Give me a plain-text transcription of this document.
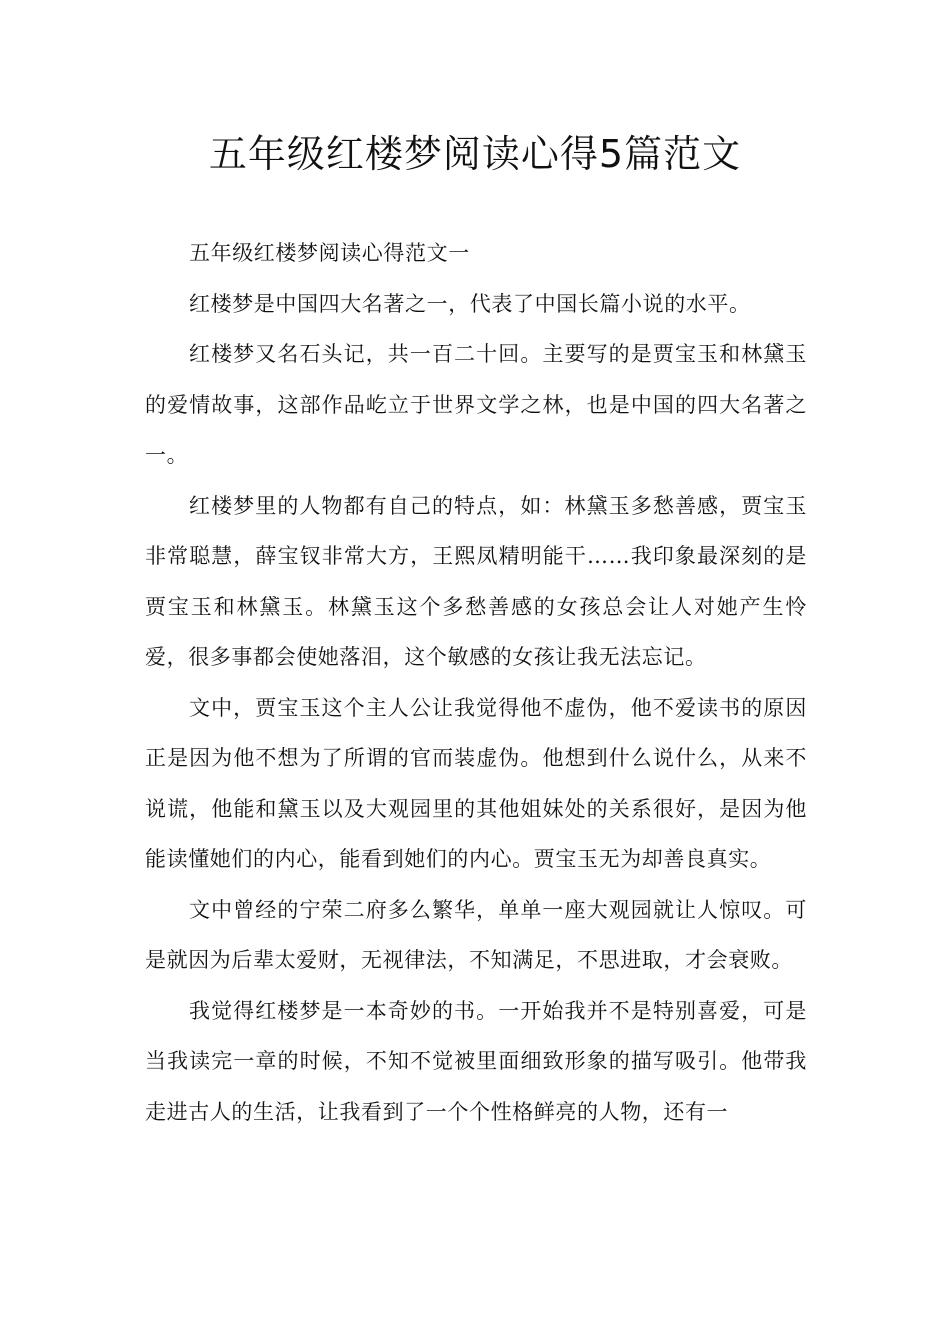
五年级红楼梦阅读心得5篇范文

五年级红楼梦阅读心得范文一

红楼梦是中国四大名著之一，代表了中国长篇小说的水平。

红楼梦又名石头记，共一百二十回。主要写的是贾宝玉和林黛玉的爱情故事，这部作品屹立于世界文学之林，也是中国的四大名著之一。

红楼梦里的人物都有自己的特点，如：林黛玉多愁善感，贾宝玉非常聪慧，薛宝钗非常大方，王熙凤精明能干……我印象最深刻的是贾宝玉和林黛玉。林黛玉这个多愁善感的女孩总会让人对她产生怜爱，很多事都会使她落泪，这个敏感的女孩让我无法忘记。

文中，贾宝玉这个主人公让我觉得他不虚伪，他不爱读书的原因正是因为他不想为了所谓的官而装虚伪。他想到什么说什么，从来不说谎，他能和黛玉以及大观园里的其他姐妹处的关系很好，是因为他能读懂她们的内心，能看到她们的内心。贾宝玉无为却善良真实。

文中曾经的宁荣二府多么繁华，单单一座大观园就让人惊叹。可是就因为后辈太爱财，无视律法，不知满足，不思进取，才会衰败。

我觉得红楼梦是一本奇妙的书。一开始我并不是特别喜爱，可是当我读完一章的时候，不知不觉被里面细致形象的描写吸引。他带我走进古人的生活，让我看到了一个个性格鲜亮的人物，还有一
